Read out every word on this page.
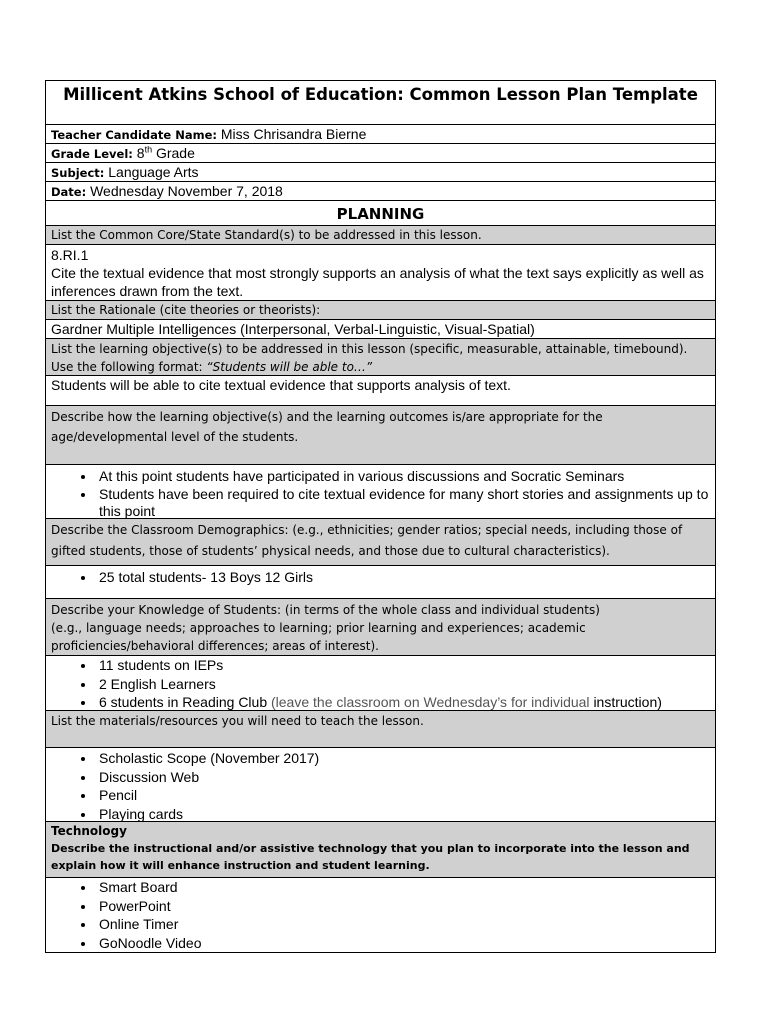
Millicent Atkins School of Education: Common Lesson Plan Template
Teacher Candidate Name: Miss Chrisandra Bierne
Grade Level: 8th Grade
Subject: Language Arts
Date: Wednesday November 7, 2018
PLANNING
List the Common Core/State Standard(s) to be addressed in this lesson.
8.RI.1
Cite the textual evidence that most strongly supports an analysis of what the text says explicitly as well as inferences drawn from the text.
List the Rationale (cite theories or theorists):
Gardner Multiple Intelligences (Interpersonal, Verbal-Linguistic, Visual-Spatial)
List the learning objective(s) to be addressed in this lesson (specific, measurable, attainable, timebound).
Use the following format: “Students will be able to…”
Students will be able to cite textual evidence that supports analysis of text.
Describe how the learning objective(s) and the learning outcomes is/are appropriate for the age/developmental level of the students.
• At this point students have participated in various discussions and Socratic Seminars
• Students have been required to cite textual evidence for many short stories and assignments up to this point
Describe the Classroom Demographics: (e.g., ethnicities; gender ratios; special needs, including those of gifted students, those of students’ physical needs, and those due to cultural characteristics).
• 25 total students- 13 Boys 12 Girls
Describe your Knowledge of Students: (in terms of the whole class and individual students)
(e.g., language needs; approaches to learning; prior learning and experiences; academic proficiencies/behavioral differences; areas of interest).
• 11 students on IEPs
• 2 English Learners
• 6 students in Reading Club (leave the classroom on Wednesday’s for individual instruction)
List the materials/resources you will need to teach the lesson.
• Scholastic Scope (November 2017)
• Discussion Web
• Pencil
• Playing cards
Technology
Describe the instructional and/or assistive technology that you plan to incorporate into the lesson and explain how it will enhance instruction and student learning.
• Smart Board
• PowerPoint
• Online Timer
• GoNoodle Video
